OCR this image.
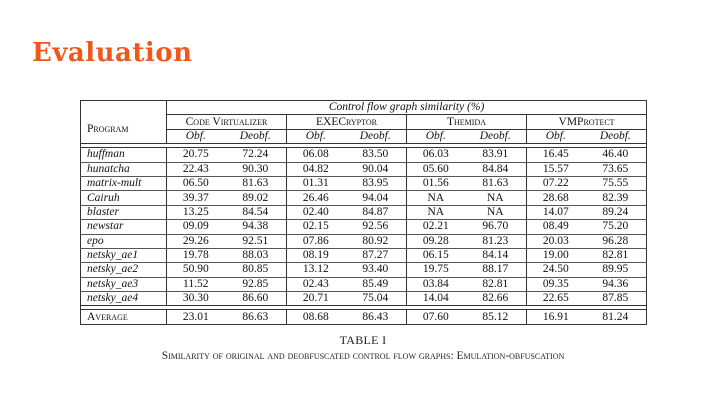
Evaluation
	Control flow graph similarity (%)							
Program	Code Virtualizer		EXECryptor		Themida		VMProtect	
	Obf.	Deobf.	Obf.	Deobf.	Obf.	Deobf.	Obf.	Deobf.

huffman	20.75	72.24	06.08	83.50	06.03	83.91	16.45	46.40
hunatcha	22.43	90.30	04.82	90.04	05.60	84.84	15.57	73.65
matrix-mult	06.50	81.63	01.31	83.95	01.56	81.63	07.22	75.55
Cairuh	39.37	89.02	26.46	94.04	NA	NA	28.68	82.39
blaster	13.25	84.54	02.40	84.87	NA	NA	14.07	89.24
newstar	09.09	94.38	02.15	92.56	02.21	96.70	08.49	75.20
epo	29.26	92.51	07.86	80.92	09.28	81.23	20.03	96.28
netsky_ae1	19.78	88.03	08.19	87.27	06.15	84.14	19.00	82.81
netsky_ae2	50.90	80.85	13.12	93.40	19.75	88.17	24.50	89.95
netsky_ae3	11.52	92.85	02.43	85.49	03.84	82.81	09.35	94.36
netsky_ae4	30.30	86.60	20.71	75.04	14.04	82.66	22.65	87.85

Average	23.01	86.63	08.68	86.43	07.60	85.12	16.91	81.24
TABLE I
Similarity of original and deobfuscated control flow graphs: Emulation-obfuscation
